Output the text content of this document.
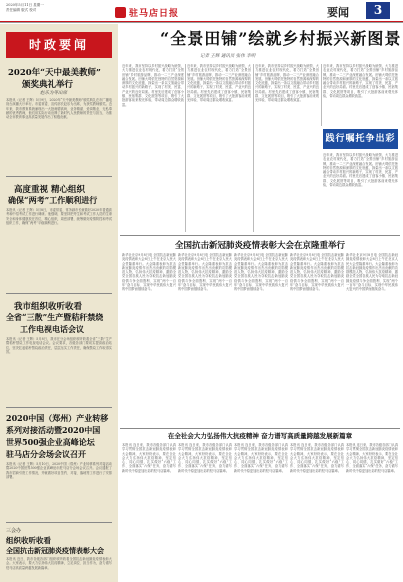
2020年5月11日 星期一
责任编辑 版式 校对	驻马店日报	要闻	3
时政要闻
2020年“天中最美教师”
颁奖典礼举行
赵乐为等出席
本报讯（记者 王辉）5月9日，2020年“天中最美教师”颁奖典礼在市广播电视台演播大厅举行。市委常委、宣传部长赵乐为出席，为获奖教师颁奖。近年来，我市教育系统涌现出一大批师德高尚、业务精湛、爱岗敬业、无私奉献的优秀教师，他们用实际行动诠释了新时代人民教师的责任与担当，为推动全市教育事业高质量发展作出了积极贡献。
高度重视 精心组织
确保“两考”工作顺利进行
本报讯（记者 王辉）5月8日，市委常委、常务副市长就做好2020年普通高考和中招考试工作进行调研。他强调，要坚持把考生和考试工作人员的生命安全和身体健康放在首位，精心组织，周密部署，统筹做好疫情防控和考试组织工作，确保“两考”平稳顺利进行。
我市组织收听收看
全省“三散”生产暨秸秆禁烧
工作电视电话会议
本报讯（记者 王辉）5月8日，我市在分会场组织收听收看全省“三散”生产暨秸秆禁烧工作电视电话会议。会议要求，各级各部门要切实提高政治站位，坚决扛起秸秆禁烧政治责任，层层压实工作责任，确保禁烧工作取得实效。
2020中国（郑州）产业转移
系列对接活动暨2020中国
世界500强企业高峰论坛
驻马店分会场会议召开
本报讯（记者 王辉）5月10日，2020中国（郑州）产业转移系列对接活动暨2020中国世界500强企业高峰论坛驻马店分会场会议召开。会议通报了我市招商引资工作情况，并就做好项目签约、对接、落地等工作进行了安排部署。
三会办
组织收听收看
全国抗击新冠肺炎疫情表彰大会
本报讯 近日，我市各级各部门组织收听收看全国抗击新冠肺炎疫情表彰大会。大家表示，要大力弘扬伟大抗疫精神，立足岗位、担当作为，奋力谱写驻马店高质量跨越发展新篇章。
“全景田铺”绘就乡村振兴新图景
记者 王辉 通讯员 张伟 李明
近年来，我市坚持以乡村振兴战略为统领，大力推进农业农村现代化，着力打造“全景田铺”乡村旅游品牌，推动一二三产业深度融合发展。田铺大塆依托独特的自然资源和深厚的文化底蕴，探索出一条以文旅融合带动乡村振兴的新路子，实现了村美、民富、产业兴的良好局面。村里先后建成了创客小镇、民宿集群、文化展馆等项目，吸引了大批游客前来观光体验，带动周边群众增收致富。
近年来，我市坚持以乡村振兴战略为统领，大力推进农业农村现代化，着力打造“全景田铺”乡村旅游品牌，推动一二三产业深度融合发展。田铺大塆依托独特的自然资源和深厚的文化底蕴，探索出一条以文旅融合带动乡村振兴的新路子，实现了村美、民富、产业兴的良好局面。村里先后建成了创客小镇、民宿集群、文化展馆等项目，吸引了大批游客前来观光体验，带动周边群众增收致富。
近年来，我市坚持以乡村振兴战略为统领，大力推进农业农村现代化，着力打造“全景田铺”乡村旅游品牌，推动一二三产业深度融合发展。田铺大塆依托独特的自然资源和深厚的文化底蕴，探索出一条以文旅融合带动乡村振兴的新路子，实现了村美、民富、产业兴的良好局面。村里先后建成了创客小镇、民宿集群、文化展馆等项目，吸引了大批游客前来观光体验，带动周边群众增收致富。
近年来，我市坚持以乡村振兴战略为统领，大力推进农业农村现代化，着力打造“全景田铺”乡村旅游品牌，推动一二三产业深度融合发展。田铺大塆依托独特的自然资源和深厚的文化底蕴，探索出一条以文旅融合带动乡村振兴的新路子，实现了村美、民富、产业兴的良好局面。村里先后建成了创客小镇、民宿集群、文化展馆等项目，吸引了大批游客前来观光体验，带动周边群众增收致富。
践行嘱托争出彩
近年来，我市坚持以乡村振兴战略为统领，大力推进农业农村现代化，着力打造“全景田铺”乡村旅游品牌，推动一二三产业深度融合发展。田铺大塆依托独特的自然资源和深厚的文化底蕴，探索出一条以文旅融合带动乡村振兴的新路子，实现了村美、民富、产业兴的良好局面。村里先后建成了创客小镇、民宿集群、文化展馆等项目，吸引了大批游客前来观光体验，带动周边群众增收致富。
全国抗击新冠肺炎疫情表彰大会在京隆重举行
新华社北京9月8日电 全国抗击新冠肺炎疫情表彰大会8日上午在北京人民大会堂隆重举行。大会隆重表彰为抗击新冠肺炎疫情作出杰出贡献的功勋模范人物，弘扬伟大抗疫精神，激励全党全国各族人民为夺取抗击新冠肺炎疫情斗争全面胜利、实现“两个一百年”奋斗目标、实现中华民族伟大复兴的中国梦而继续奋斗。
新华社北京9月8日电 全国抗击新冠肺炎疫情表彰大会8日上午在北京人民大会堂隆重举行。大会隆重表彰为抗击新冠肺炎疫情作出杰出贡献的功勋模范人物，弘扬伟大抗疫精神，激励全党全国各族人民为夺取抗击新冠肺炎疫情斗争全面胜利、实现“两个一百年”奋斗目标、实现中华民族伟大复兴的中国梦而继续奋斗。
新华社北京9月8日电 全国抗击新冠肺炎疫情表彰大会8日上午在北京人民大会堂隆重举行。大会隆重表彰为抗击新冠肺炎疫情作出杰出贡献的功勋模范人物，弘扬伟大抗疫精神，激励全党全国各族人民为夺取抗击新冠肺炎疫情斗争全面胜利、实现“两个一百年”奋斗目标、实现中华民族伟大复兴的中国梦而继续奋斗。
新华社北京9月8日电 全国抗击新冠肺炎疫情表彰大会8日上午在北京人民大会堂隆重举行。大会隆重表彰为抗击新冠肺炎疫情作出杰出贡献的功勋模范人物，弘扬伟大抗疫精神，激励全党全国各族人民为夺取抗击新冠肺炎疫情斗争全面胜利、实现“两个一百年”奋斗目标、实现中华民族伟大复兴的中国梦而继续奋斗。
新华社北京9月8日电 全国抗击新冠肺炎疫情表彰大会8日上午在北京人民大会堂隆重举行。大会隆重表彰为抗击新冠肺炎疫情作出杰出贡献的功勋模范人物，弘扬伟大抗疫精神，激励全党全国各族人民为夺取抗击新冠肺炎疫情斗争全面胜利、实现“两个一百年”奋斗目标、实现中华民族伟大复兴的中国梦而继续奋斗。
在全社会大力弘扬伟大抗疫精神 奋力谱写高质量跨越发展新篇章
本报讯 连日来，我市各级各部门认真学习贯彻全国抗击新冠肺炎疫情表彰大会精神，大家纷纷表示，要在全社会大力弘扬伟大抗疫精神，坚定信心、同心同德，扎实做好“六稳”工作、全面落实“六保”任务，奋力谱写新时代中原更加出彩的驻马店篇章。
本报讯 连日来，我市各级各部门认真学习贯彻全国抗击新冠肺炎疫情表彰大会精神，大家纷纷表示，要在全社会大力弘扬伟大抗疫精神，坚定信心、同心同德，扎实做好“六稳”工作、全面落实“六保”任务，奋力谱写新时代中原更加出彩的驻马店篇章。
本报讯 连日来，我市各级各部门认真学习贯彻全国抗击新冠肺炎疫情表彰大会精神，大家纷纷表示，要在全社会大力弘扬伟大抗疫精神，坚定信心、同心同德，扎实做好“六稳”工作、全面落实“六保”任务，奋力谱写新时代中原更加出彩的驻马店篇章。
本报讯 连日来，我市各级各部门认真学习贯彻全国抗击新冠肺炎疫情表彰大会精神，大家纷纷表示，要在全社会大力弘扬伟大抗疫精神，坚定信心、同心同德，扎实做好“六稳”工作、全面落实“六保”任务，奋力谱写新时代中原更加出彩的驻马店篇章。
本报讯 连日来，我市各级各部门认真学习贯彻全国抗击新冠肺炎疫情表彰大会精神，大家纷纷表示，要在全社会大力弘扬伟大抗疫精神，坚定信心、同心同德，扎实做好“六稳”工作、全面落实“六保”任务，奋力谱写新时代中原更加出彩的驻马店篇章。
